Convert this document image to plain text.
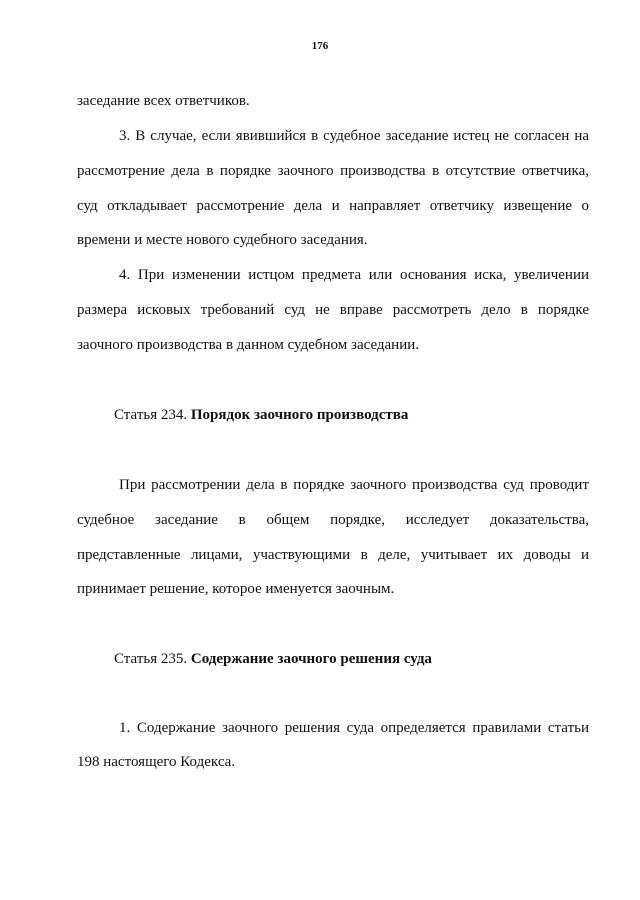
176
заседание всех ответчиков.
3. В случае, если явившийся в судебное заседание истец не согласен на
рассмотрение дела в порядке заочного производства в отсутствие ответчика,
суд откладывает рассмотрение дела и направляет ответчику извещение о
времени и месте нового судебного заседания.
4. При изменении истцом предмета или основания иска, увеличении
размера исковых требований суд не вправе рассмотреть дело в порядке
заочного производства в данном судебном заседании.
Статья 234. Порядок заочного производства
При рассмотрении дела в порядке заочного производства суд проводит
судебное заседание в общем порядке, исследует доказательства,
представленные лицами, участвующими в деле, учитывает их доводы и
принимает решение, которое именуется заочным.
Статья 235. Содержание заочного решения суда
1. Содержание заочного решения суда определяется правилами статьи
198 настоящего Кодекса.
